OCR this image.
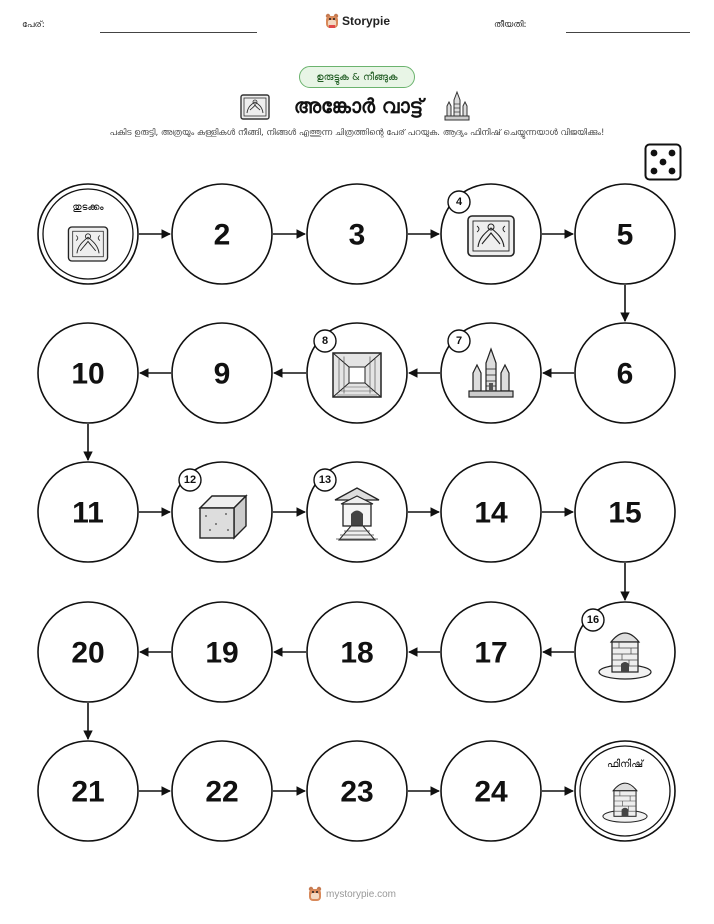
പേര്:	Storypie	തീയതി:
ഉരുട്ടുക & നീങ്ങുക
അങ്കോർ വാട്ട്
പകിട ഉരുട്ടി, അത്രയും കള്ളികൾ നീങ്ങി, നിങ്ങൾ എത്തുന്ന ചിത്രത്തിന്റെ പേര് പറയുക. ആദ്യം ഫിനിഷ് ചെയ്യുന്നയാൾ വിജയിക്കും!
തുടക്കം
2	3
4
5
6
7
8
9
10
11
12	13
14	15
16
17
18
19
20
21	22	23	24
ഫിനിഷ്
mystorypie.com
